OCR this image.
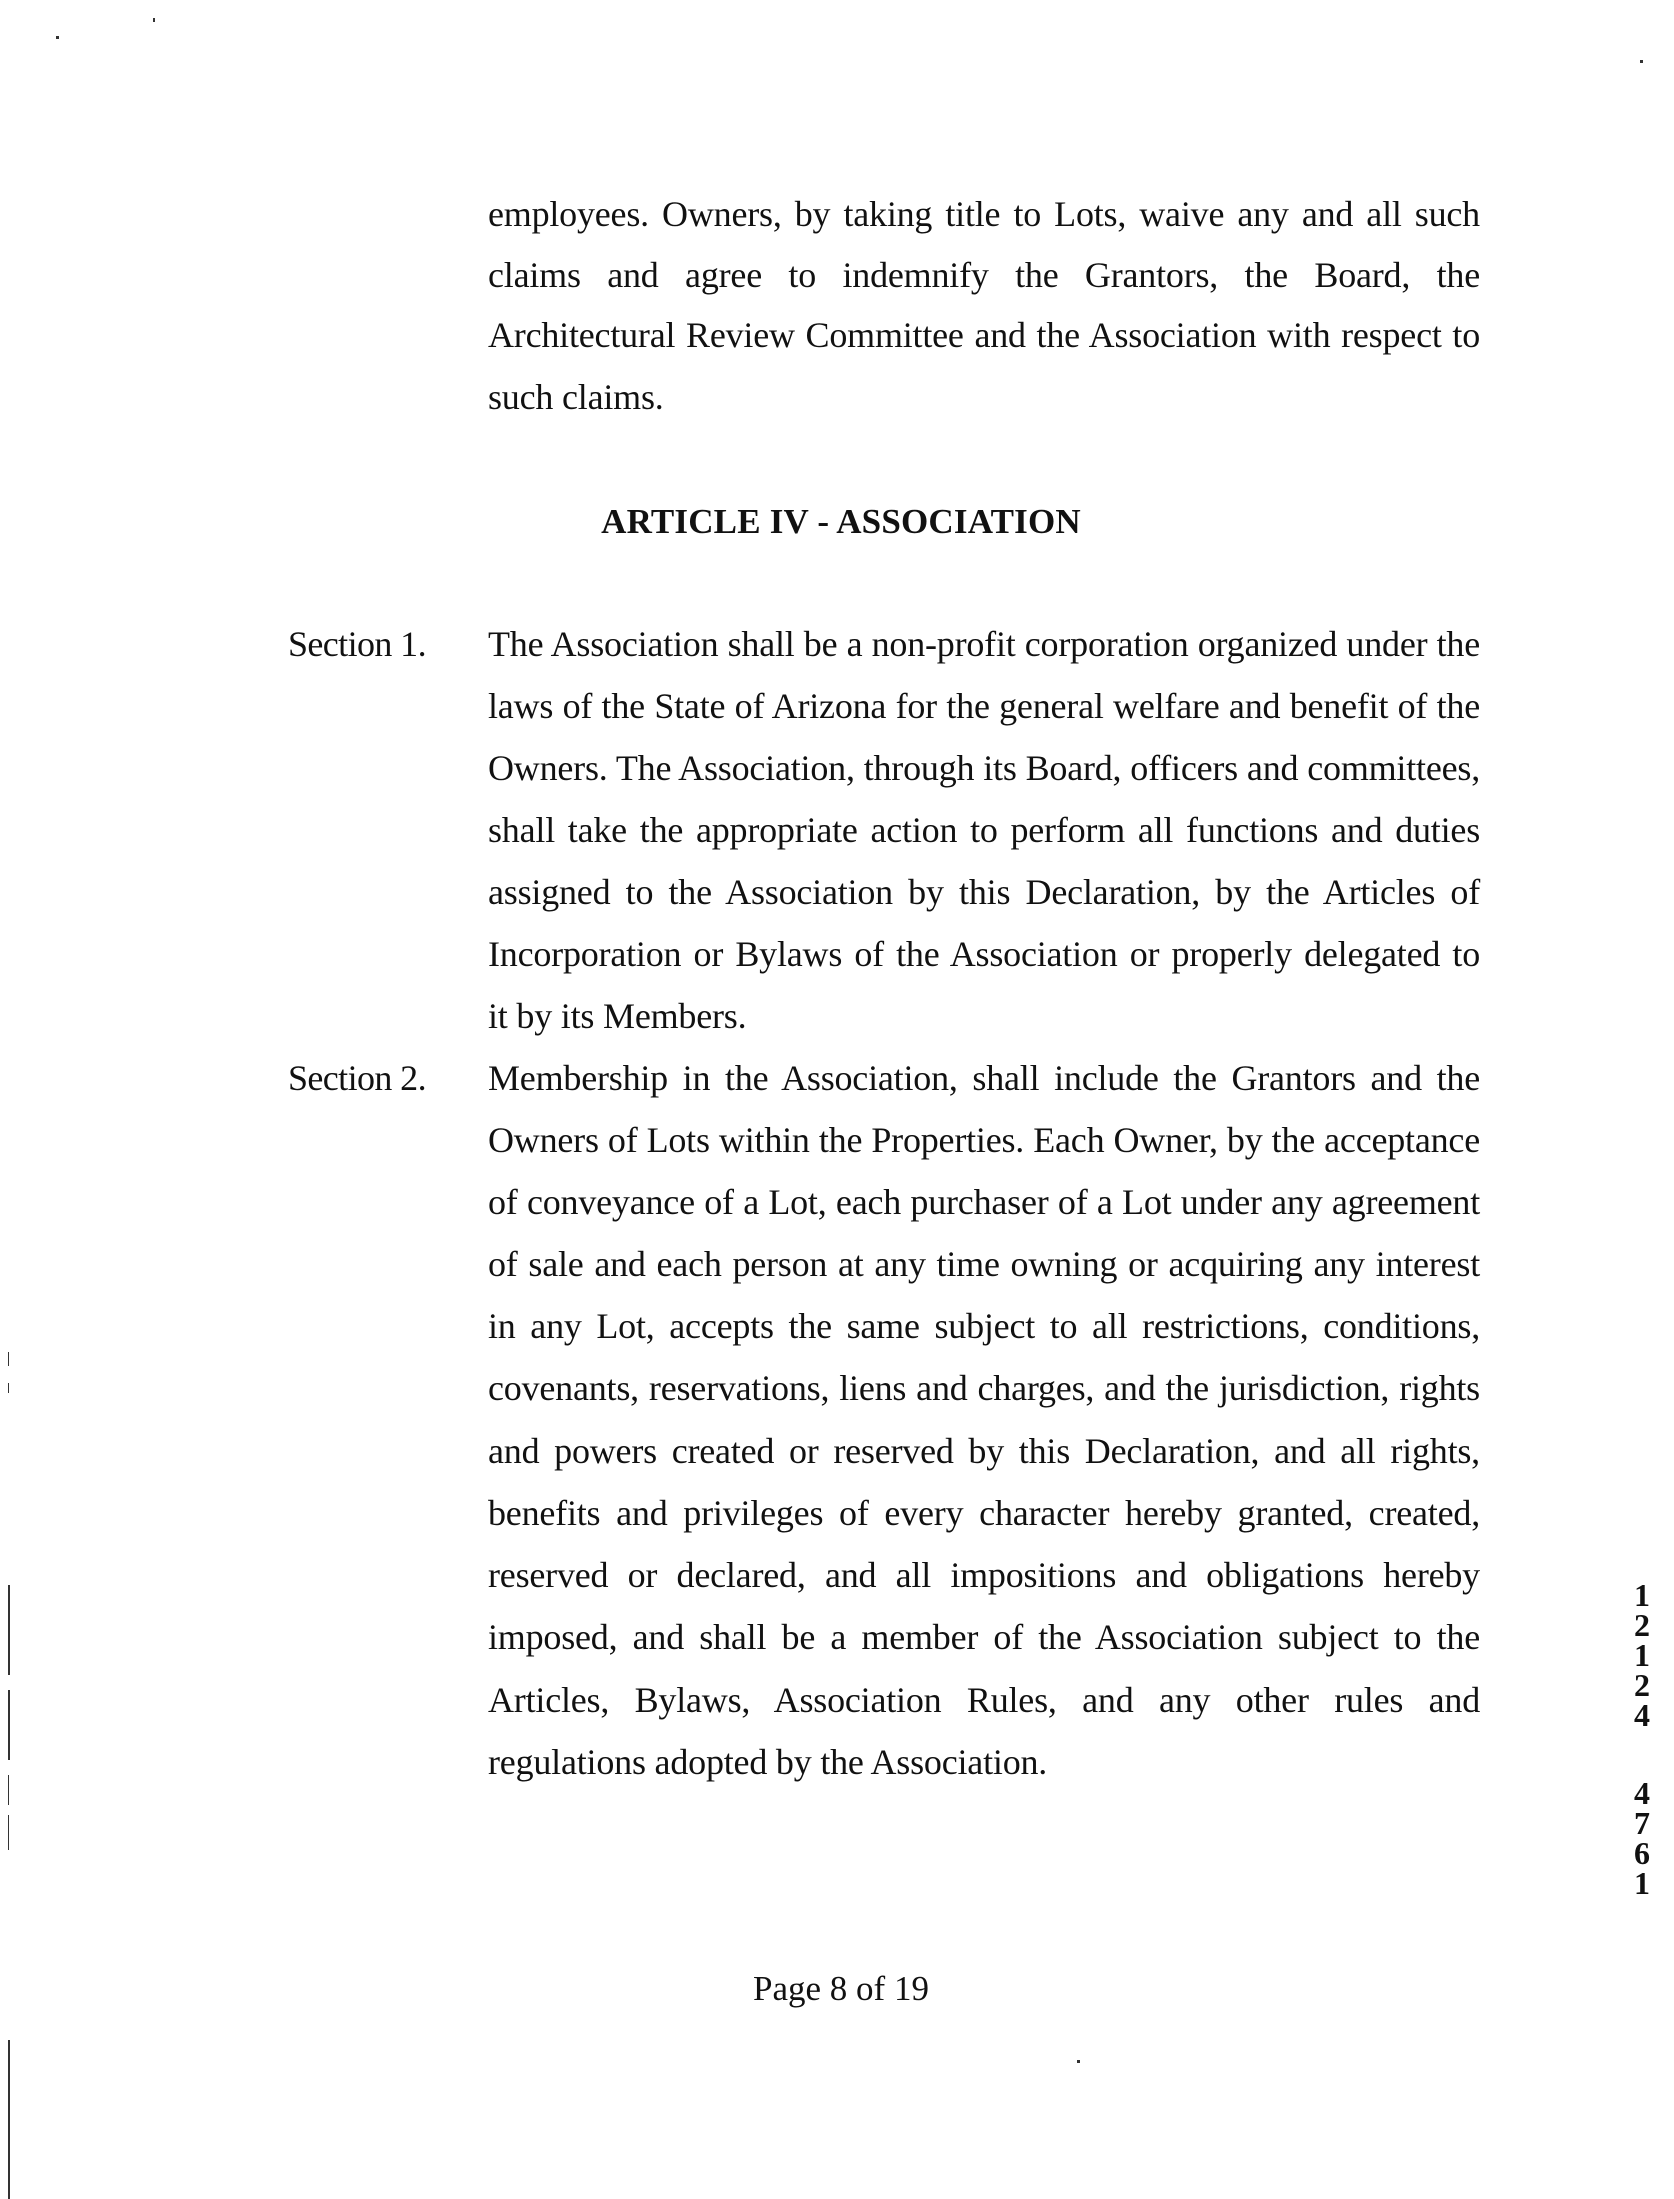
employees. Owners, by taking title to Lots, waive any and all such
claims and agree to indemnify the Grantors, the Board, the
Architectural Review Committee and the Association with respect to
such claims.
ARTICLE IV - ASSOCIATION
Section 1. The Association shall be a non-profit corporation organized under the
laws of the State of Arizona for the general welfare and benefit of the
Owners. The Association, through its Board, officers and committees,
shall take the appropriate action to perform all functions and duties
assigned to the Association by this Declaration, by the Articles of
Incorporation or Bylaws of the Association or properly delegated to
it by its Members.
Section 2. Membership in the Association, shall include the Grantors and the
Owners of Lots within the Properties. Each Owner, by the acceptance
of conveyance of a Lot, each purchaser of a Lot under any agreement
of sale and each person at any time owning or acquiring any interest
in any Lot, accepts the same subject to all restrictions, conditions,
covenants, reservations, liens and charges, and the jurisdiction, rights
and powers created or reserved by this Declaration, and all rights,
benefits and privileges of every character hereby granted, created,
reserved or declared, and all impositions and obligations hereby
imposed, and shall be a member of the Association subject to the
Articles, Bylaws, Association Rules, and any other rules and
regulations adopted by the Association.
Page 8 of 19
1
2
1
2
4
4
7
6
1
